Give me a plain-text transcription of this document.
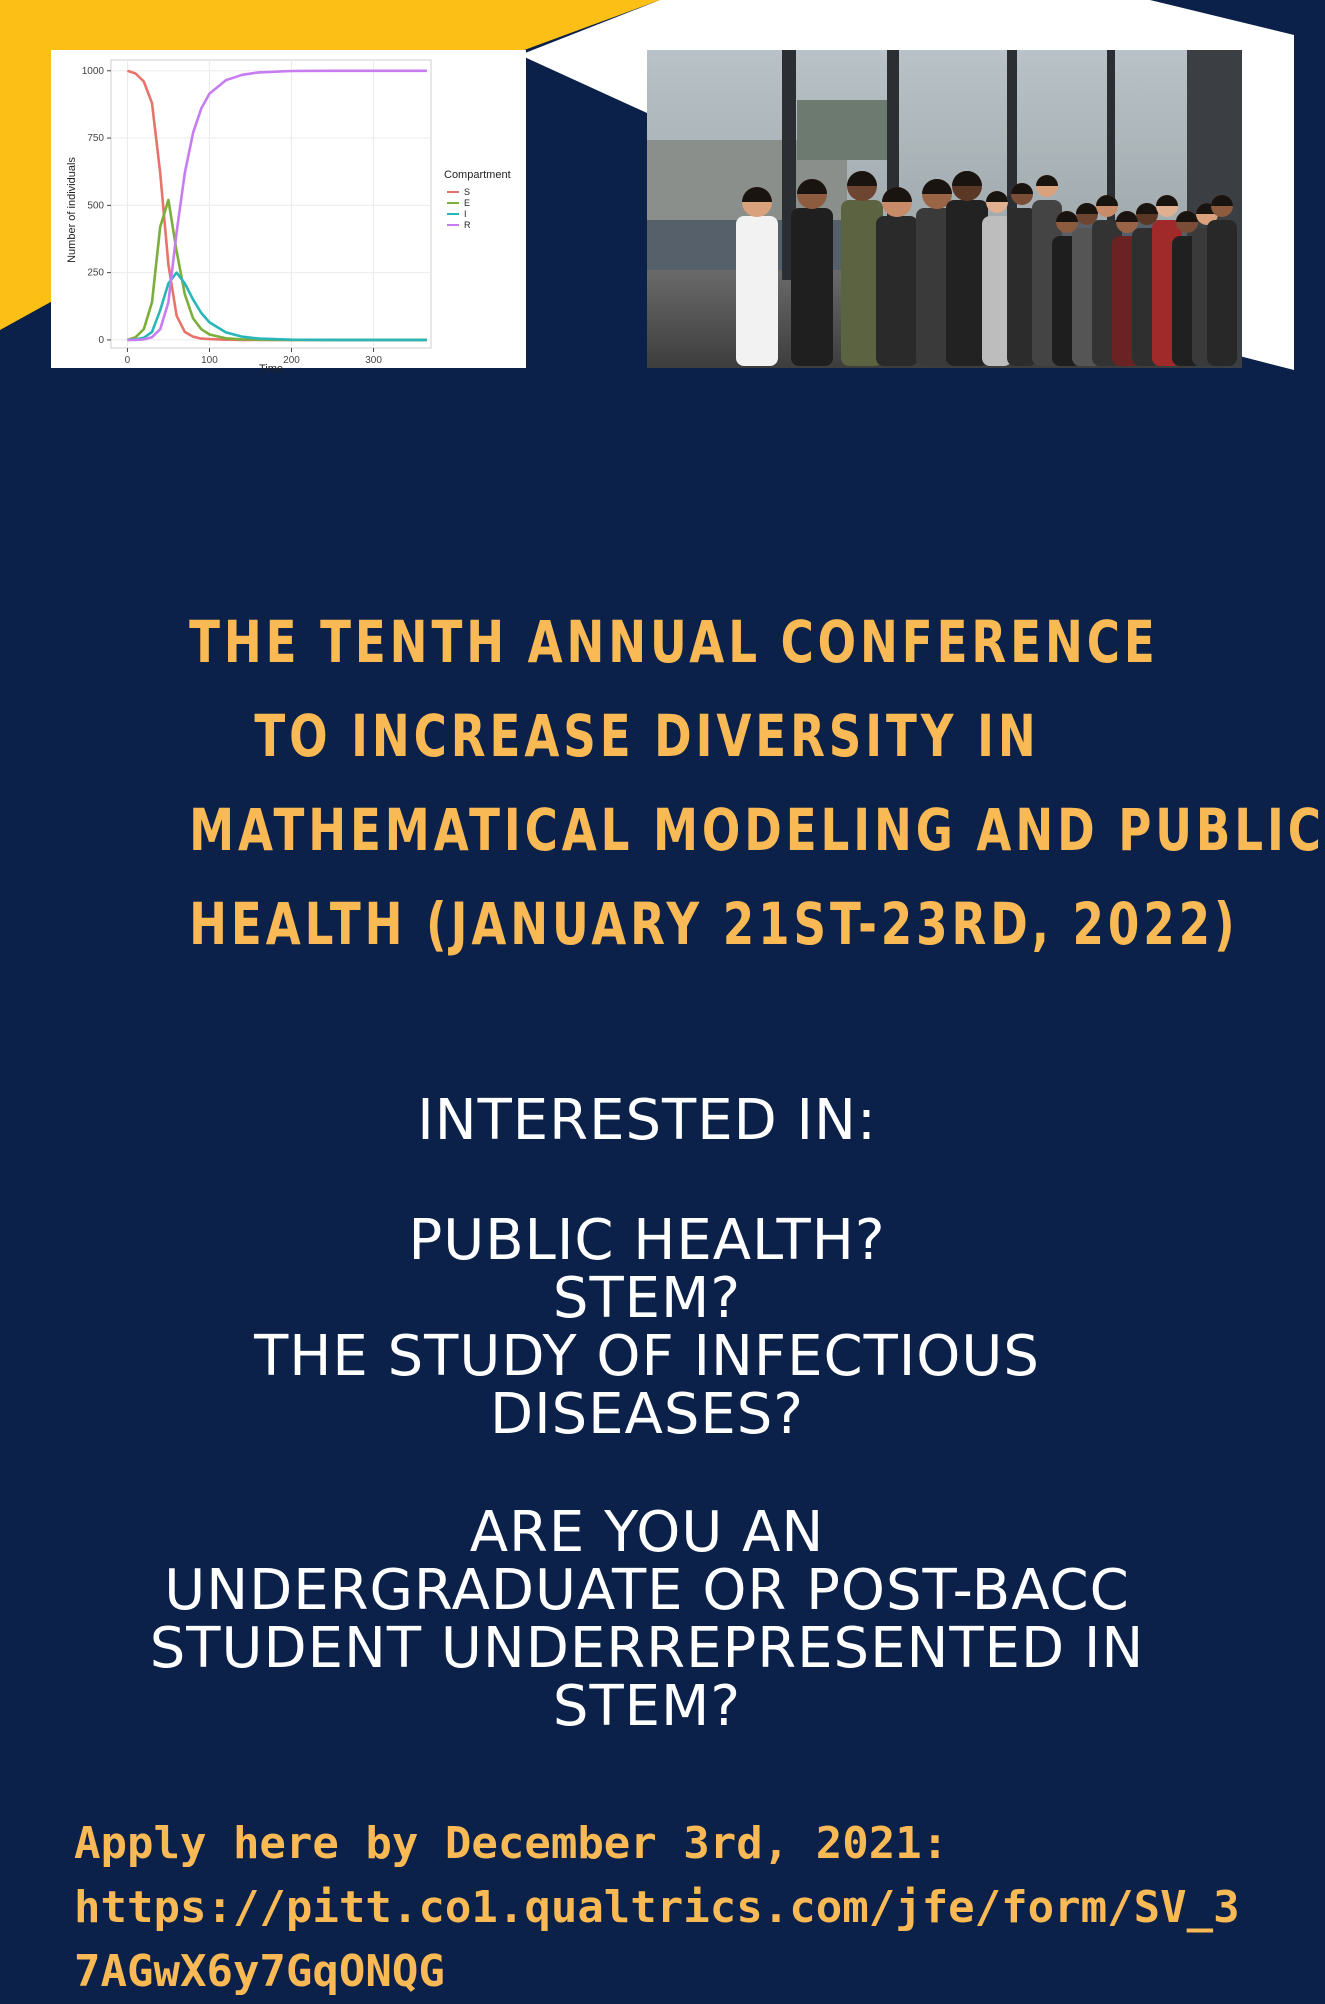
0	100	200	300
0
250
500
750
1000
Number of individuals
Time
Compartment
S
E
I
R
THE TENTH ANNUAL CONFERENCE
TO INCREASE DIVERSITY IN
MATHEMATICAL MODELING AND PUBLIC
HEALTH (JANUARY 21ST-23RD, 2022)
INTERESTED IN:
PUBLIC HEALTH?
STEM?
THE STUDY OF INFECTIOUS
DISEASES?
ARE YOU AN
UNDERGRADUATE OR POST-BACC
STUDENT UNDERREPRESENTED IN
STEM?
Apply here by December 3rd, 2021:
https://pitt.co1.qualtrics.com/jfe/form/SV_3
7AGwX6y7GqONQG
